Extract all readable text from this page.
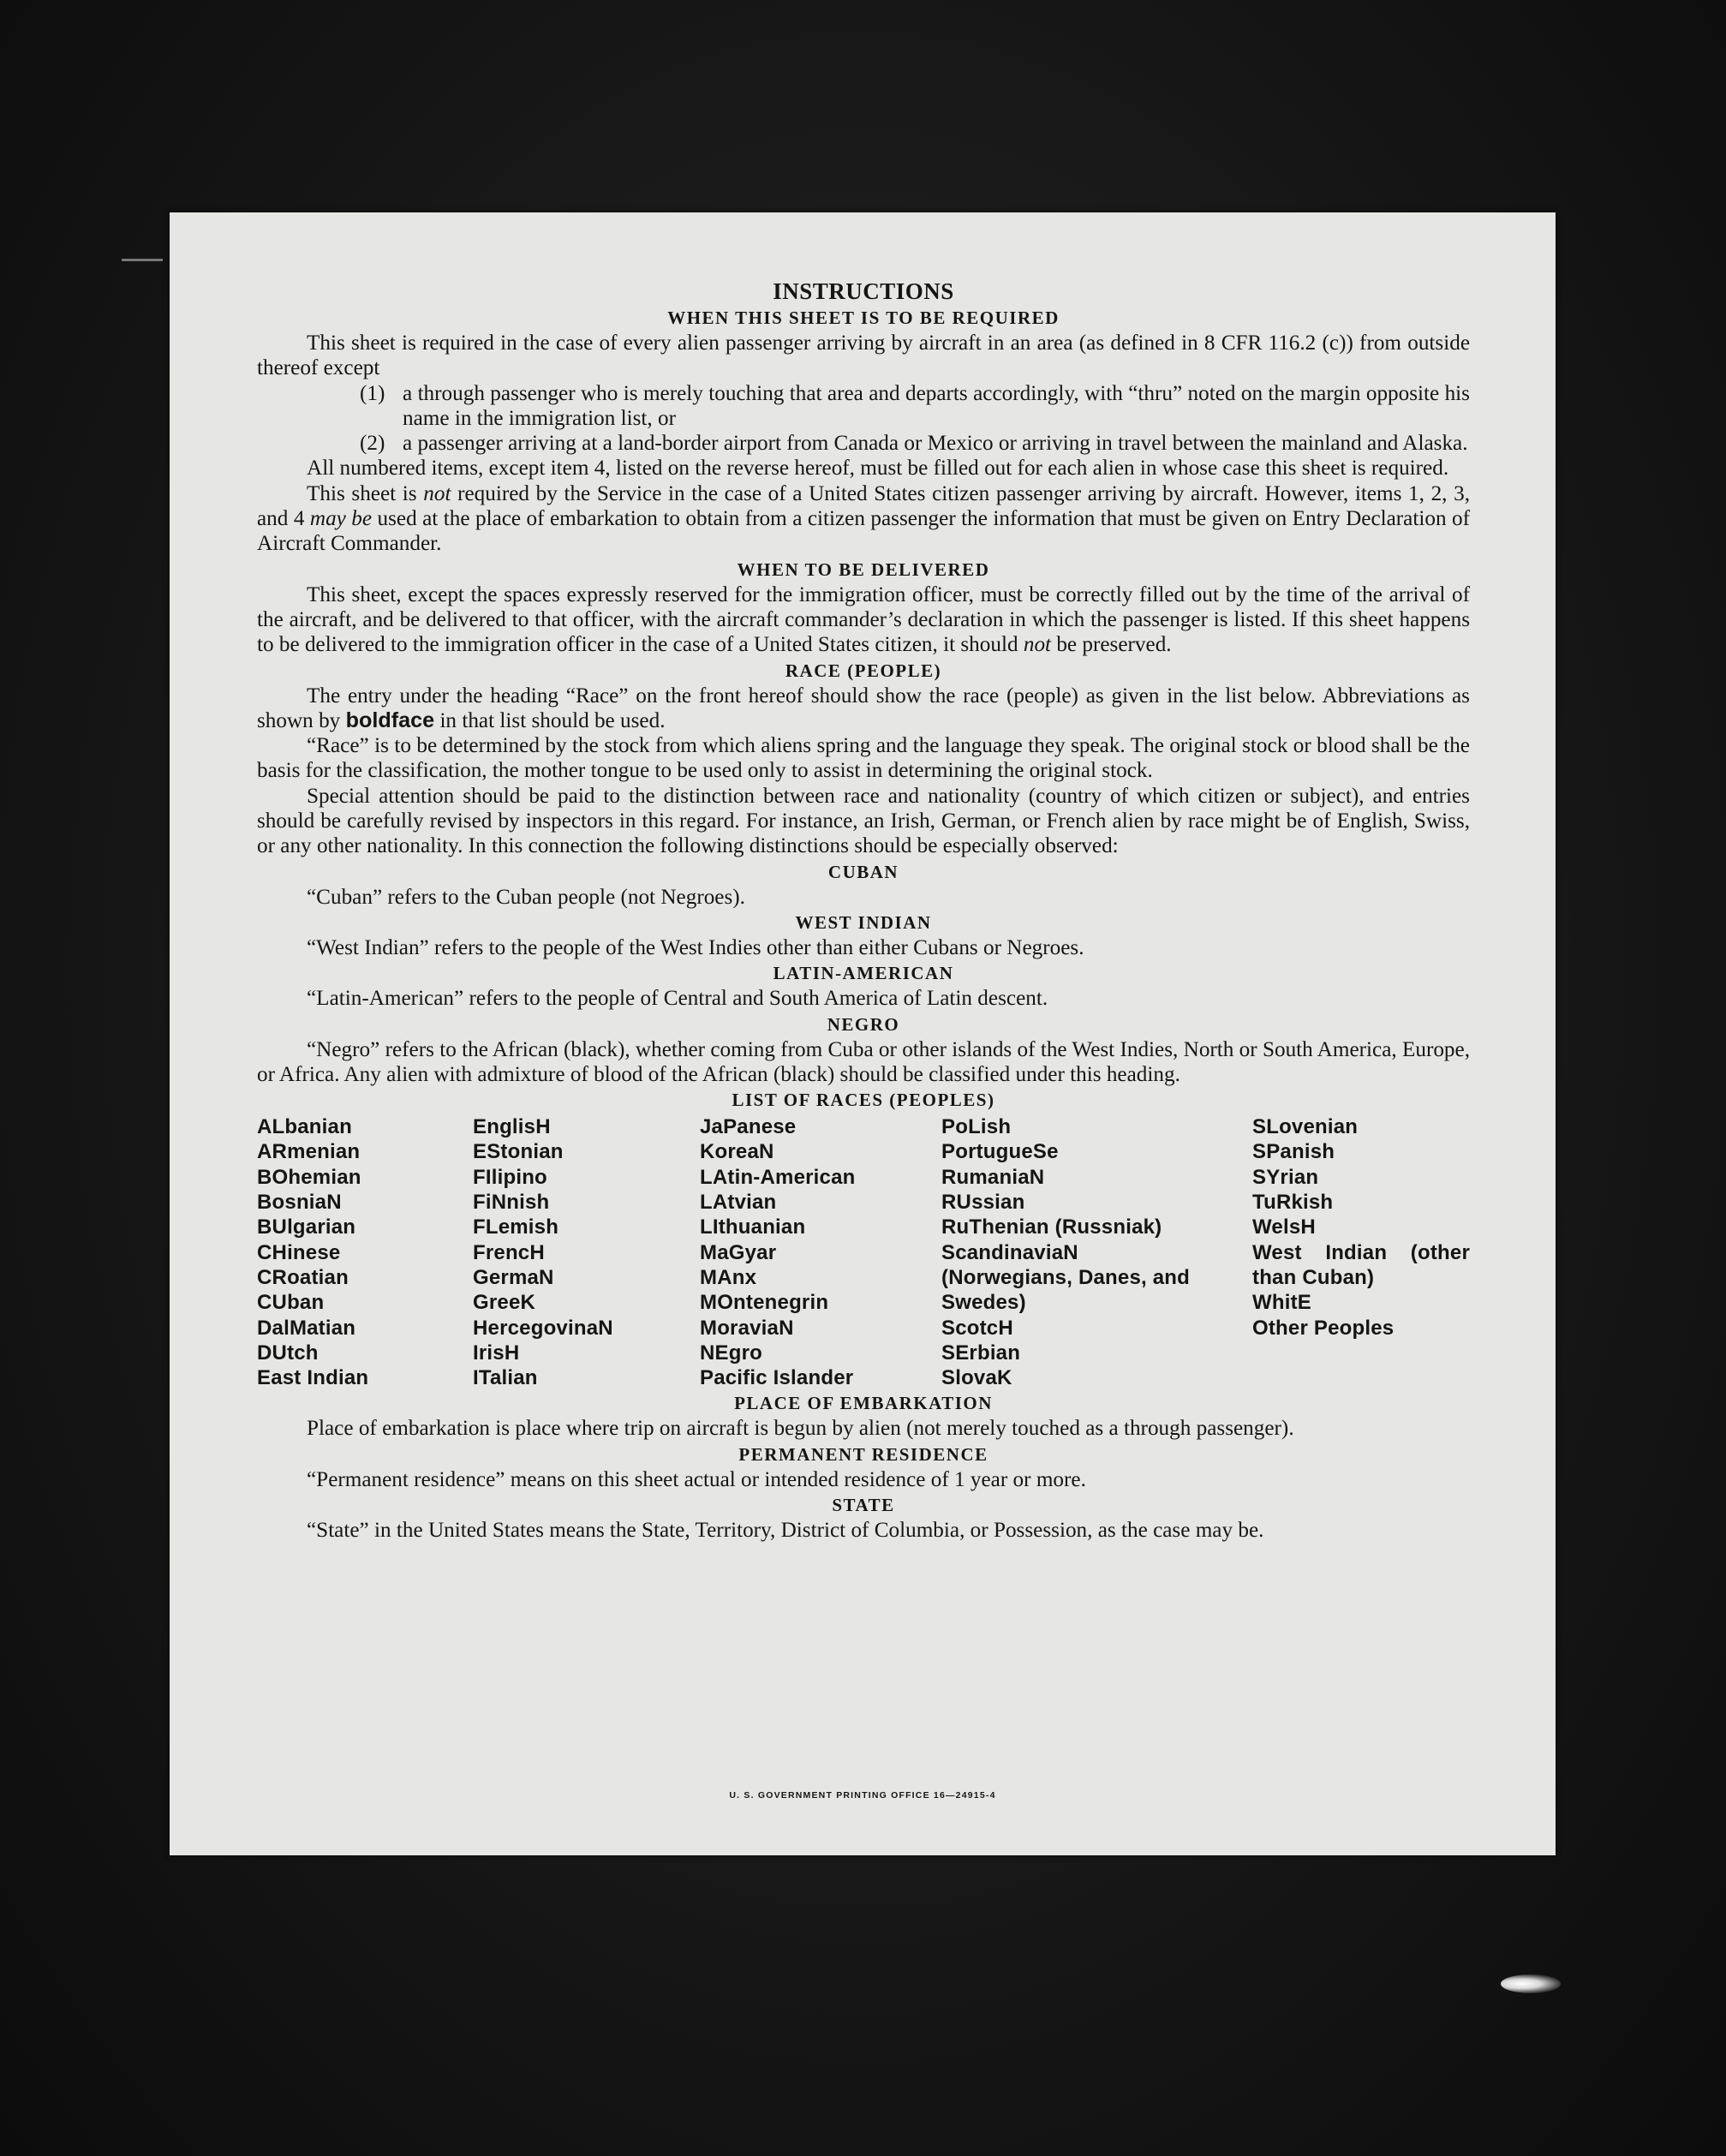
INSTRUCTIONS
WHEN THIS SHEET IS TO BE REQUIRED
This sheet is required in the case of every alien passenger arriving by aircraft in an area (as defined in 8 CFR 116.2 (c)) from outside thereof except
(1) a through passenger who is merely touching that area and departs accordingly, with “thru” noted on the margin opposite his name in the immigration list, or
(2) a passenger arriving at a land-border airport from Canada or Mexico or arriving in travel between the mainland and Alaska.
All numbered items, except item 4, listed on the reverse hereof, must be filled out for each alien in whose case this sheet is required.
This sheet is not required by the Service in the case of a United States citizen passenger arriving by aircraft. However, items 1, 2, 3, and 4 may be used at the place of embarkation to obtain from a citizen passenger the information that must be given on Entry Declaration of Aircraft Commander.
WHEN TO BE DELIVERED
This sheet, except the spaces expressly reserved for the immigration officer, must be correctly filled out by the time of the arrival of the aircraft, and be delivered to that officer, with the aircraft commander’s declaration in which the passenger is listed. If this sheet happens to be delivered to the immigration officer in the case of a United States citizen, it should not be preserved.
RACE (PEOPLE)
The entry under the heading “Race” on the front hereof should show the race (people) as given in the list below. Abbreviations as shown by boldface in that list should be used.
“Race” is to be determined by the stock from which aliens spring and the language they speak. The original stock or blood shall be the basis for the classification, the mother tongue to be used only to assist in determining the original stock.
Special attention should be paid to the distinction between race and nationality (country of which citizen or subject), and entries should be carefully revised by inspectors in this regard. For instance, an Irish, German, or French alien by race might be of English, Swiss, or any other nationality. In this connection the following distinctions should be especially observed:
CUBAN
“Cuban” refers to the Cuban people (not Negroes).
WEST INDIAN
“West Indian” refers to the people of the West Indies other than either Cubans or Negroes.
LATIN-AMERICAN
“Latin-American” refers to the people of Central and South America of Latin descent.
NEGRO
“Negro” refers to the African (black), whether coming from Cuba or other islands of the West Indies, North or South America, Europe, or Africa. Any alien with admixture of blood of the African (black) should be classified under this heading.
LIST OF RACES (PEOPLES)
ALbanian
ARmenian
BOhemian
BosniaN
BUlgarian
CHinese
CRoatian
CUban
DalMatian
DUtch
East Indian
EnglisH
EStonian
FIlipino
FiNnish
FLemish
FrencH
GermaN
GreeK
HercegovinaN
IrisH
ITalian
JaPanese
KoreaN
LAtin-American
LAtvian
LIthuanian
MaGyar
MAnx
MOntenegrin
MoraviaN
NEgro
Pacific Islander
PoLish
PortugueSe
RumaniaN
RUssian
RuThenian (Russniak)
ScandinaviaN (Norwegians, Danes, and Swedes)
ScotcH
SErbian
SlovaK
SLovenian
SPanish
SYrian
TuRkish
WelsH
West Indian (other than Cuban)
WhitE
Other Peoples
PLACE OF EMBARKATION
Place of embarkation is place where trip on aircraft is begun by alien (not merely touched as a through passenger).
PERMANENT RESIDENCE
“Permanent residence” means on this sheet actual or intended residence of 1 year or more.
STATE
“State” in the United States means the State, Territory, District of Columbia, or Possession, as the case may be.
U. S. GOVERNMENT PRINTING OFFICE 16—24915-4
